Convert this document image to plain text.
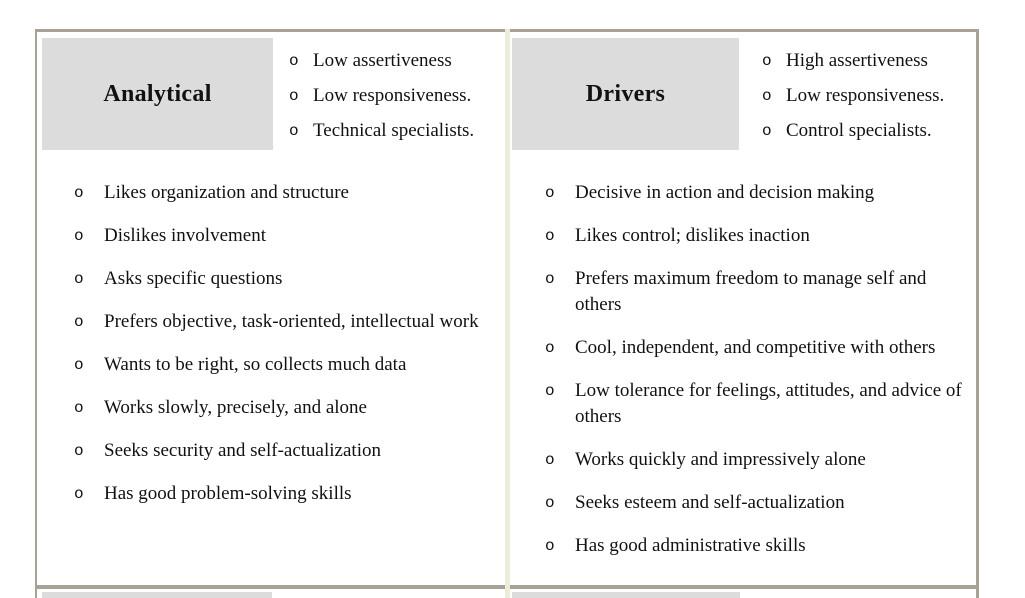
Analytical
o Low assertiveness
o Low responsiveness.
o Technical specialists.
o	Likes organization and structure
o	Dislikes involvement
o	Asks specific questions
o	Prefers objective, task-oriented, intellectual work
o	Wants to be right, so collects much data
o	Works slowly, precisely, and alone
o	Seeks security and self-actualization
o	Has good problem-solving skills
Drivers
o High assertiveness
o Low responsiveness.
o Control specialists.
o	Decisive in action and decision making
o	Likes control; dislikes inaction
o	Prefers maximum freedom to manage self and others
o	Cool, independent, and competitive with others
o	Low tolerance for feelings, attitudes, and advice of others
o	Works quickly and impressively alone
o	Seeks esteem and self-actualization
o	Has good administrative skills
